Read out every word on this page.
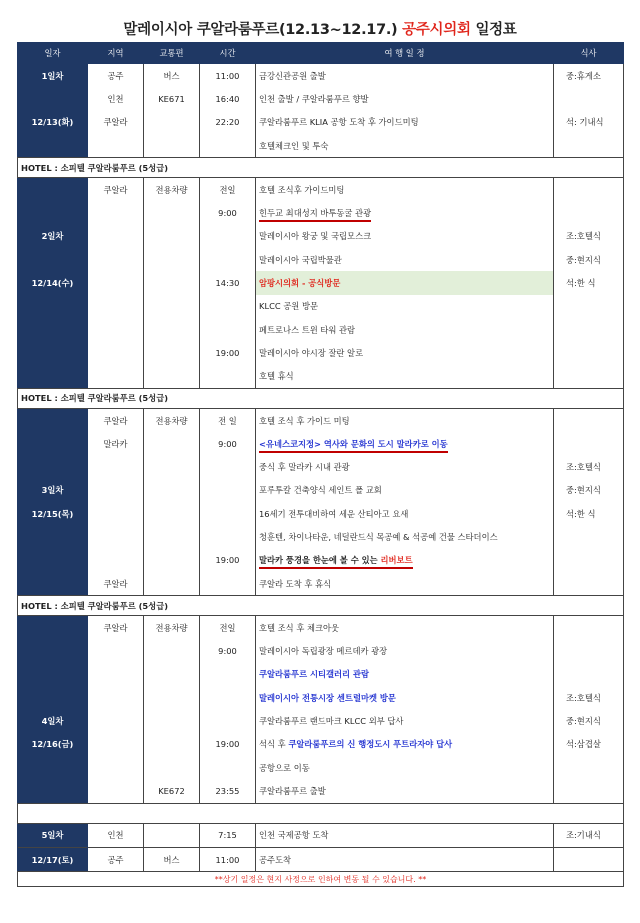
말레이시아 쿠알라룸푸르(12.13~12.17.) 공주시의회 일정표
일자	지역	교통편	시간	여 행 일 정	식사
1일차	공주	버스	11:00	금강신관공원 출발	중:휴게소
	인천	KE671	16:40	인천 출발 / 쿠알라룸푸르 향발	
12/13(화)	쿠알라		22:20	쿠알라룸푸르 KLIA 공항 도착 후 가이드미팅	석: 기내식
				호텔체크인 및 투숙	
HOTEL : 소피텔 쿠알라룸푸르 (5성급)					
	쿠알라	전용차량	전일	호텔 조식후 가이드미팅	
			9:00	힌두교 최대성지 바투동굴 관광	
2일차				말레이시아 왕궁 및 국립모스크	조:호텔식
				말레이시아 국립박물관	중:현지식
12/14(수)			14:30	암팡시의회 - 공식방문	석:한 식
				KLCC 공원 방문	
				페트로나스 트윈 타워 관람	
			19:00	말레이시아 야시장 잘란 알로	
				호텔 휴식	
HOTEL : 소피텔 쿠알라룸푸르 (5성급)					
	쿠알라	전용차량	전 일	호텔 조식 후 가이드 미팅	
	말라카		9:00	<유네스코지정> 역사와 문화의 도시 말라카로 이동	
				중식 후 말라카 시내 관광	조:호텔식
3일차				포루투칼 건축양식 세인트 폴 교회	중:현지식
12/15(목)				16세기 전투대비하여 세운 산티아고 요새	석:한 식
				청훈텐, 차이나타운, 네덜란드식 목공예 & 석공예 건물 스타더이스	
			19:00	말라카 풍경을 한눈에 볼 수 있는 리버보트	
	쿠알라			쿠알라 도착 후 휴식	
HOTEL : 소피텔 쿠알라룸푸르 (5성급)					
	쿠알라	전용차량	전일	호텔 조식 후 체크아웃	
			9:00	말레이시아 독립광장 메르데카 광장	
				쿠알라룸푸르 시티갤러리 관람	
				말레이시아 전통시장 센트럴마켓 방문	조:호텔식
4일차				쿠알라룸푸르 랜드마크 KLCC 외부 답사	중:현지식
12/16(금)			19:00	석식 후 쿠알라룸푸르의 신 행정도시 푸트라자야 답사	석:삼겹살
				공항으로 이동	
		KE672	23:55	쿠알라룸푸르 출발	

5일차	인천		7:15	인천 국제공항 도착	조:기내식
12/17(토)	공주	버스	11:00	공주도착	
**상기 일정은 현지 사정으로 인하여 변동 될 수 있습니다. **					
